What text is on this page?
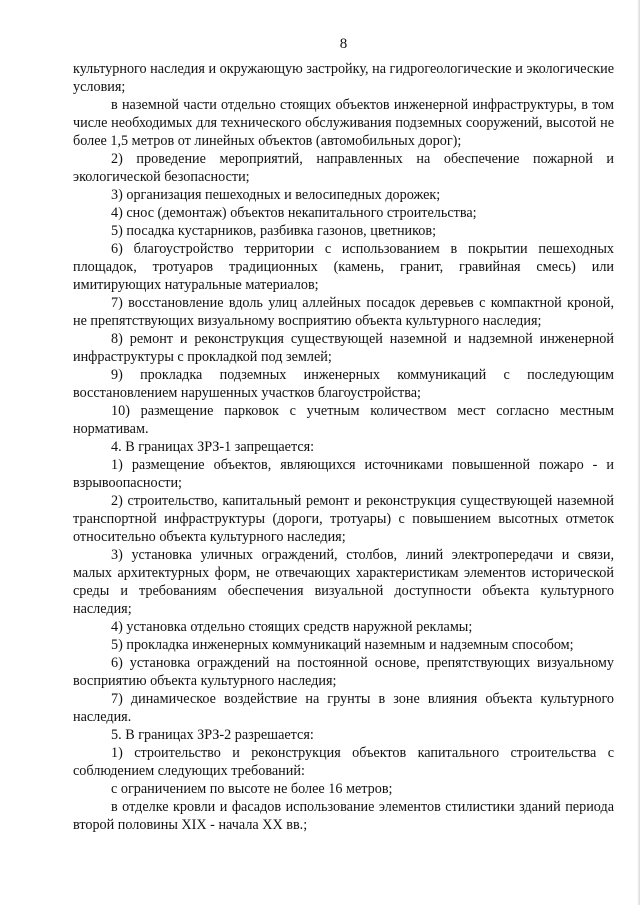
8

культурного наследия и окружающую застройку, на гидрогеологические и экологические условия;

в наземной части отдельно стоящих объектов инженерной инфраструктуры, в том числе необходимых для технического обслуживания подземных сооружений, высотой не более 1,5 метров от линейных объектов (автомобильных дорог);

2) проведение мероприятий, направленных на обеспечение пожарной и экологической безопасности;

3) организация пешеходных и велосипедных дорожек;

4) снос (демонтаж) объектов некапитального строительства;

5) посадка кустарников, разбивка газонов, цветников;

6) благоустройство территории с использованием в покрытии пешеходных площадок, тротуаров традиционных (камень, гранит, гравийная смесь) или имитирующих натуральные материалов;

7) восстановление вдоль улиц аллейных посадок деревьев с компактной кроной, не препятствующих визуальному восприятию объекта культурного наследия;

8) ремонт и реконструкция существующей наземной и надземной инженерной инфраструктуры с прокладкой под землей;

9) прокладка подземных инженерных коммуникаций с последующим восстановлением нарушенных участков благоустройства;

10) размещение парковок с учетным количеством мест согласно местным нормативам.

4. В границах ЗРЗ-1 запрещается:

1) размещение объектов, являющихся источниками повышенной пожаро - и взрывоопасности;

2) строительство, капитальный ремонт и реконструкция существующей наземной транспортной инфраструктуры (дороги, тротуары) с повышением высотных отметок относительно объекта культурного наследия;

3) установка уличных ограждений, столбов, линий электропередачи и связи, малых архитектурных форм, не отвечающих характеристикам элементов исторической среды и требованиям обеспечения визуальной доступности объекта культурного наследия;

4) установка отдельно стоящих средств наружной рекламы;

5) прокладка инженерных коммуникаций наземным и надземным способом;

6) установка ограждений на постоянной основе, препятствующих визуальному восприятию объекта культурного наследия;

7) динамическое воздействие на грунты в зоне влияния объекта культурного наследия.

5. В границах ЗРЗ-2 разрешается:

1) строительство и реконструкция объектов капитального строительства с соблюдением следующих требований:

с ограничением по высоте не более 16 метров;

в отделке кровли и фасадов использование элементов стилистики зданий периода второй половины XIX - начала XX вв.;
